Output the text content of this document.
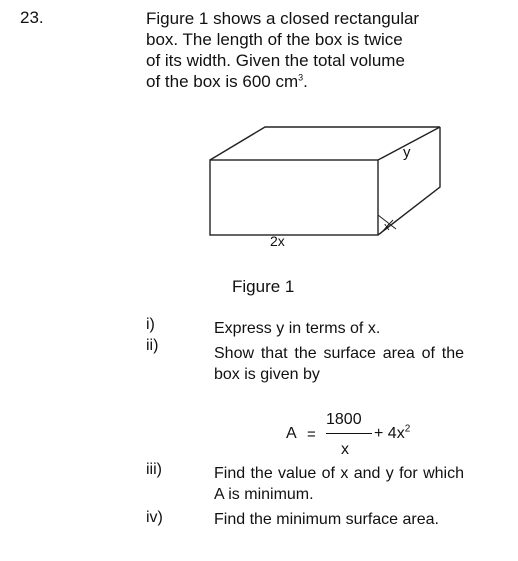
23.	Figure 1 shows a closed rectangular
box. The length of the box is twice
of its width. Given the total volume
of the box is 600 $cm^3$.
2x
y
x
Figure 1
i)
ii)
Express y in terms of x.
Show that the surface area of the box is given by
A =
1800
x
+ $4x^2$
iii)	Find the value of x and y for which A is minimum.
iv)	Find the minimum surface area.
